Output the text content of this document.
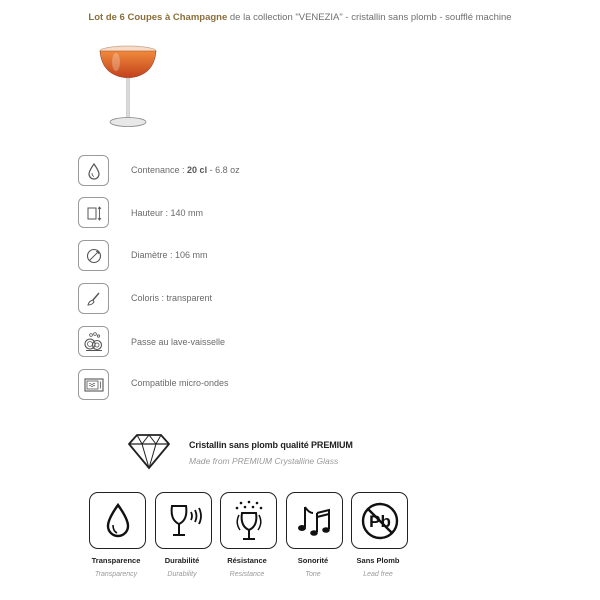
Lot de 6 Coupes à Champagne de la collection "VENEZIA" - cristallin sans plomb - soufflé machine
Contenance : 20 cl - 6.8 oz
Hauteur : 140 mm
Diamètre : 106 mm
Coloris : transparent
Passe au lave-vaisselle
Compatible micro-ondes
Cristallin sans plomb qualité PREMIUM
Made from PREMIUM Crystalline Glass
Transparence
Transparency
Durabilité
Durability
Résistance
Resistance
Sonorité
Tone
Pb
Sans Plomb
Lead free
